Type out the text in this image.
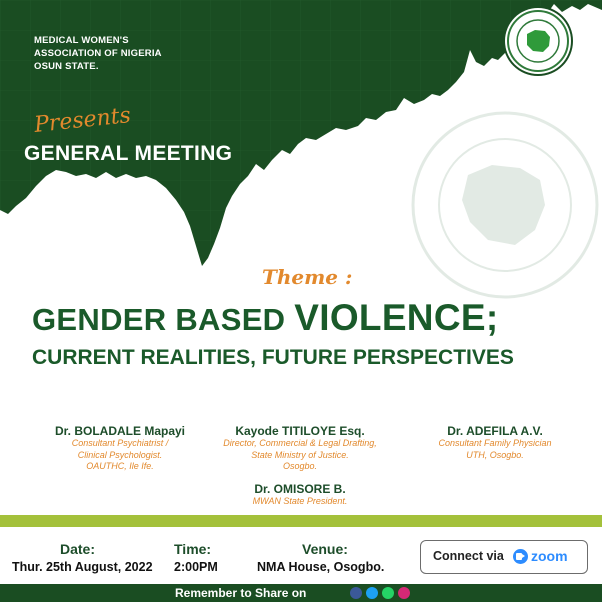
MEDICAL WOMEN'S
ASSOCIATION OF NIGERIA
OSUN STATE.
Presents
GENERAL MEETING
Theme :
GENDER BASED VIOLENCE;
CURRENT REALITIES, FUTURE PERSPECTIVES
Dr. BOLADALE Mapayi
Consultant Psychiatrist /
Clinical Psychologist.
OAUTHC, Ile Ife.
Kayode TITILOYE Esq.
Director, Commercial & Legal Drafting,
State Ministry of Justice.
Osogbo.
Dr. ADEFILA A.V.
Consultant Family Physician
UTH, Osogbo.
Dr. OMISORE B.
MWAN State President.
Date:
Thur. 25th August, 2022
Time:
2:00PM
Venue:
NMA House, Osogbo.
Connect via zoom
Remember to Share on
